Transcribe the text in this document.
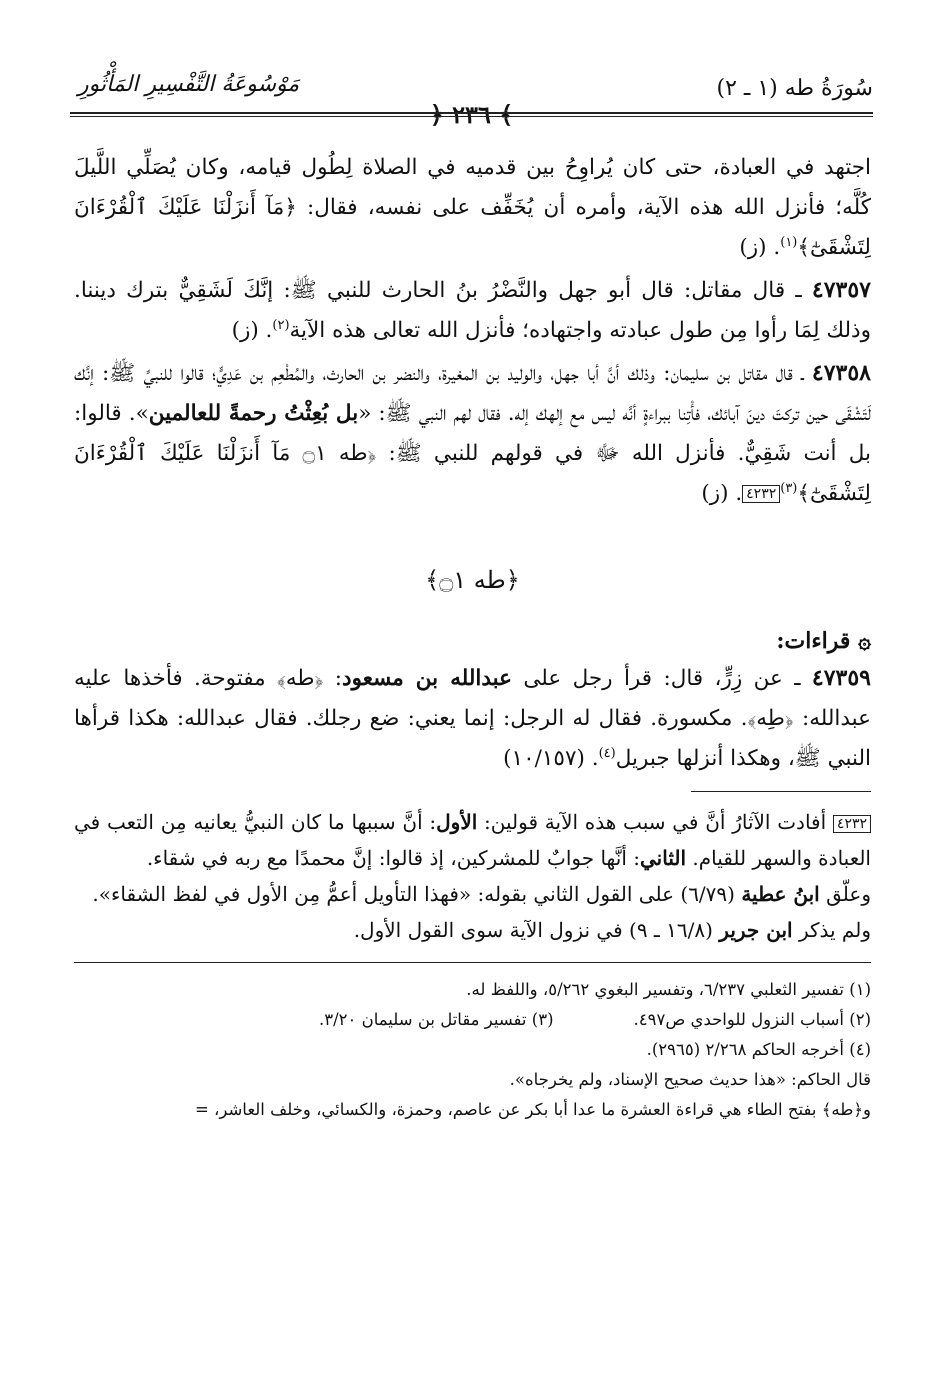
سُورَةُ طه (١ ـ ٢)
مَوْسُوعَةُ التَّفْسِيرِ المَأْثُورِ
﴾ ٢٣٦ ﴿

اجتهد في العبادة، حتى كان يُراوِحُ بين قدميه في الصلاة لِطُول قيامه، وكان يُصَلِّي اللَّيلَ كُلَّه؛ فأنزل الله هذه الآية، وأمره أن يُخَفِّف على نفسه، فقال: ﴿مَآ أَنزَلْنَا عَلَيْكَ ٱلْقُرْءَانَ لِتَشْقَىٰٓ﴾$^{(١)}$. (ز)

٤٧٣٥٧ ـ قال مقاتل: قال أبو جهل والنَّضْرُ بنُ الحارث للنبي ﷺ: إنَّكَ لَشَقِيٌّ بترك ديننا. وذلك لِمَا رأوا مِن طول عبادته واجتهاده؛ فأنزل الله تعالى هذه الآية$^{(٢)}$. (ز)

٤٧٣٥٨ ـ قال مقاتل بن سليمان: وذلك أنَّ أبا جهل، والوليد بن المغيرة، والنضر بن الحارث، والمُطْعِم بن عَدِيٍّ؛ قالوا للنبيِّ ﷺ: إنَّك لَتَشْقَى حين تركتَ دينَ آبائك، فأْتِنا ببراءةٍ أنَّه ليس مع إلهك إله. فقال لهم النبي ﷺ: «بل بُعِثْتُ رحمةً للعالمين». قالوا: بل أنت شَقِيٌّ. فأنزل الله ﷻ في قولهم للنبي ﷺ: ﴿طه ۝١ مَآ أَنزَلْنَا عَلَيْكَ ٱلْقُرْءَانَ لِتَشْقَىٰٓ﴾$^{(٣)}$٤٢٣٢. (ز)

﴿طه ۝١﴾
۞ قراءات:

٤٧٣٥٩ ـ عن زِرٍّ، قال: قرأ رجل على عبدالله بن مسعود: ﴿طه﴾ مفتوحة. فأخذها عليه عبدالله: ﴿طِه﴾. مكسورة. فقال له الرجل: إنما يعني: ضع رجلك. فقال عبدالله: هكذا قرأها النبي ﷺ، وهكذا أنزلها جبريل$^{(٤)}$. (١٠/١٥٧)

٤٢٣٢ أفادت الآثارُ أنَّ في سبب هذه الآية قولين: الأول: أنَّ سببها ما كان النبيُّ يعانيه مِن التعب في العبادة والسهر للقيام. الثاني: أنَّها جوابٌ للمشركين، إذ قالوا: إنَّ محمدًا مع ربه في شقاء.

وعلّق ابنُ عطية (٦/٧٩) على القول الثاني بقوله: «فهذا التأويل أعمُّ مِن الأول في لفظ الشقاء».

ولم يذكر ابن جرير (١٦/٨ ـ ٩) في نزول الآية سوى القول الأول.

(١) تفسير الثعلبي ٦/٢٣٧، وتفسير البغوي ٥/٢٦٢، واللفظ له.

(٢) أسباب النزول للواحدي ص٤٩٧.
(٣) تفسير مقاتل بن سليمان ٣/٢٠.

(٤) أخرجه الحاكم ٢/٢٦٨ (٢٩٦٥).

قال الحاكم: «هذا حديث صحيح الإسناد، ولم يخرجاه».

و﴿طه﴾ بفتح الطاء هي قراءة العشرة ما عدا أبا بكر عن عاصم، وحمزة، والكسائي، وخلف العاشر، =
